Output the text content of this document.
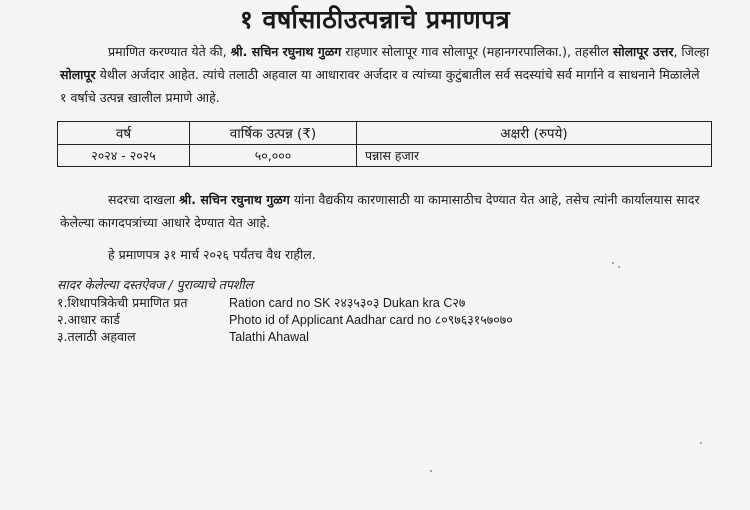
१ वर्षासाठीउत्पन्नाचे प्रमाणपत्र

प्रमाणित करण्यात येते की, श्री. सचिन रघुनाथ गुळग राहणार सोलापूर गाव सोलापूर (महानगरपालिका.), तहसील सोलापूर उत्तर, जिल्हा सोलापूर येथील अर्जदार आहेत. त्यांचे तलाठी अहवाल या आधारावर अर्जदार व त्यांच्या कुटुंबातील सर्व सदस्यांचे सर्व मार्गाने व साधनाने मिळालेले १ वर्षाचे उत्पन्न खालील प्रमाणे आहे.

वर्ष	वार्षिक उत्पन्न (₹)	अक्षरी (रुपये)
२०२४ - २०२५	५०,०००	पन्नास हजार

सदरचा दाखला श्री. सचिन रघुनाथ गुळग यांना वैद्यकीय कारणासाठी या कामासाठीच देण्यात येत आहे, तसेच त्यांनी कार्यालयास सादर केलेल्या कागदपत्रांच्या आधारे देण्यात येत आहे.

हे प्रमाणपत्र ३१ मार्च २०२६ पर्यंतच वैध राहील.

सादर केलेल्या दस्तऐवज / पुराव्याचे तपशील
१.शिधापत्रिकेची प्रमाणित प्रत	Ration card no SK २४३५३०३ Dukan kra C२७
२.आधार कार्ड	Photo id of Applicant Aadhar card no ८०९७६३१५७०७०
३.तलाठी अहवाल	Talathi Ahawal
